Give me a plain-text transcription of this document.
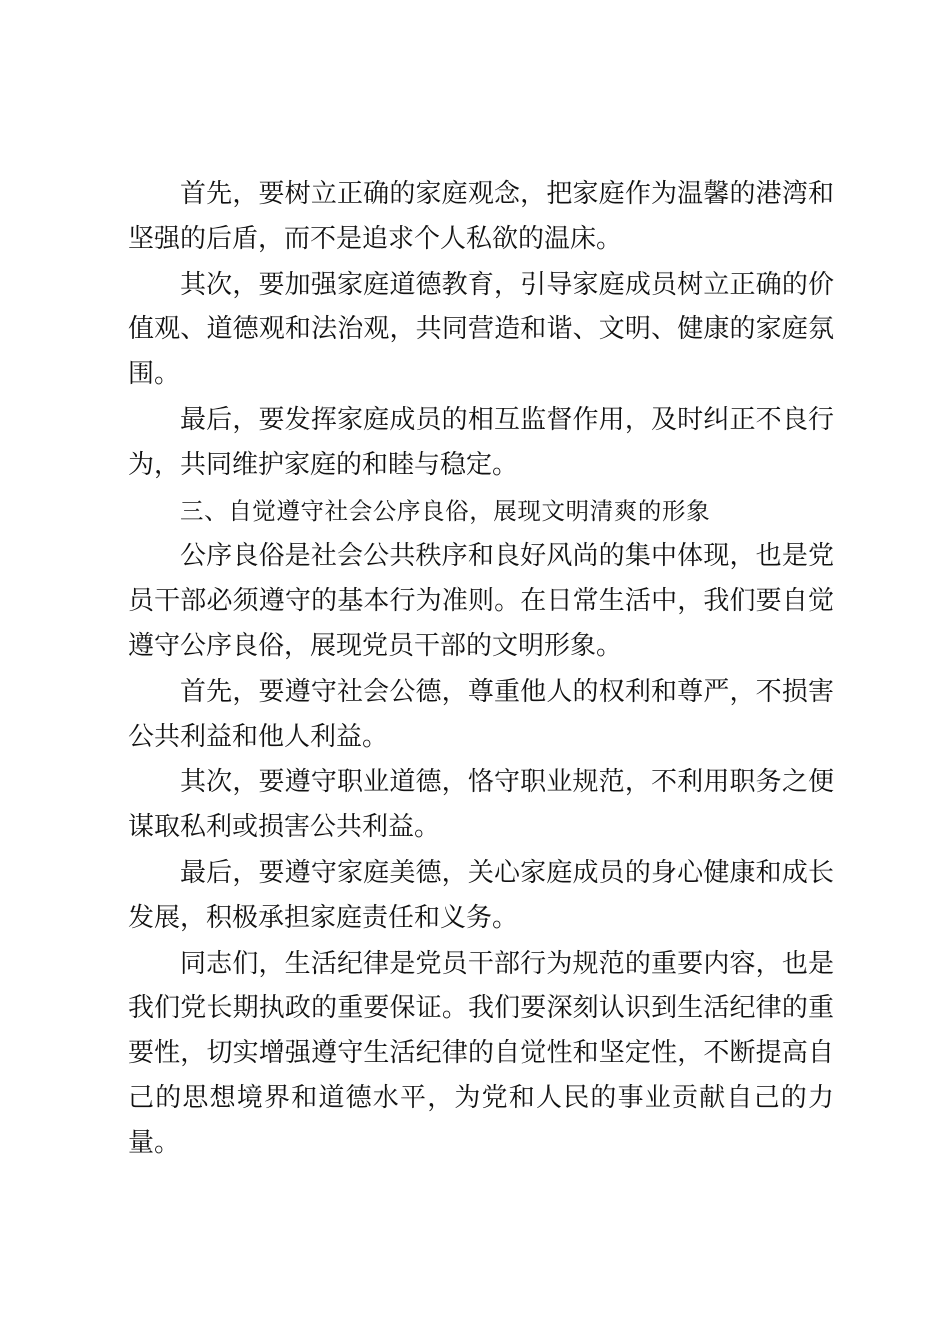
首先，要树立正确的家庭观念，把家庭作为温馨的港湾和坚强的后盾，而不是追求个人私欲的温床。

其次，要加强家庭道德教育，引导家庭成员树立正确的价值观、道德观和法治观，共同营造和谐、文明、健康的家庭氛围。

最后，要发挥家庭成员的相互监督作用，及时纠正不良行为，共同维护家庭的和睦与稳定。

三、自觉遵守社会公序良俗，展现文明清爽的形象

公序良俗是社会公共秩序和良好风尚的集中体现，也是党员干部必须遵守的基本行为准则。在日常生活中，我们要自觉遵守公序良俗，展现党员干部的文明形象。

首先，要遵守社会公德，尊重他人的权利和尊严，不损害公共利益和他人利益。

其次，要遵守职业道德，恪守职业规范，不利用职务之便谋取私利或损害公共利益。

最后，要遵守家庭美德，关心家庭成员的身心健康和成长发展，积极承担家庭责任和义务。

同志们，生活纪律是党员干部行为规范的重要内容，也是我们党长期执政的重要保证。我们要深刻认识到生活纪律的重要性，切实增强遵守生活纪律的自觉性和坚定性，不断提高自己的思想境界和道德水平，为党和人民的事业贡献自己的力量。
